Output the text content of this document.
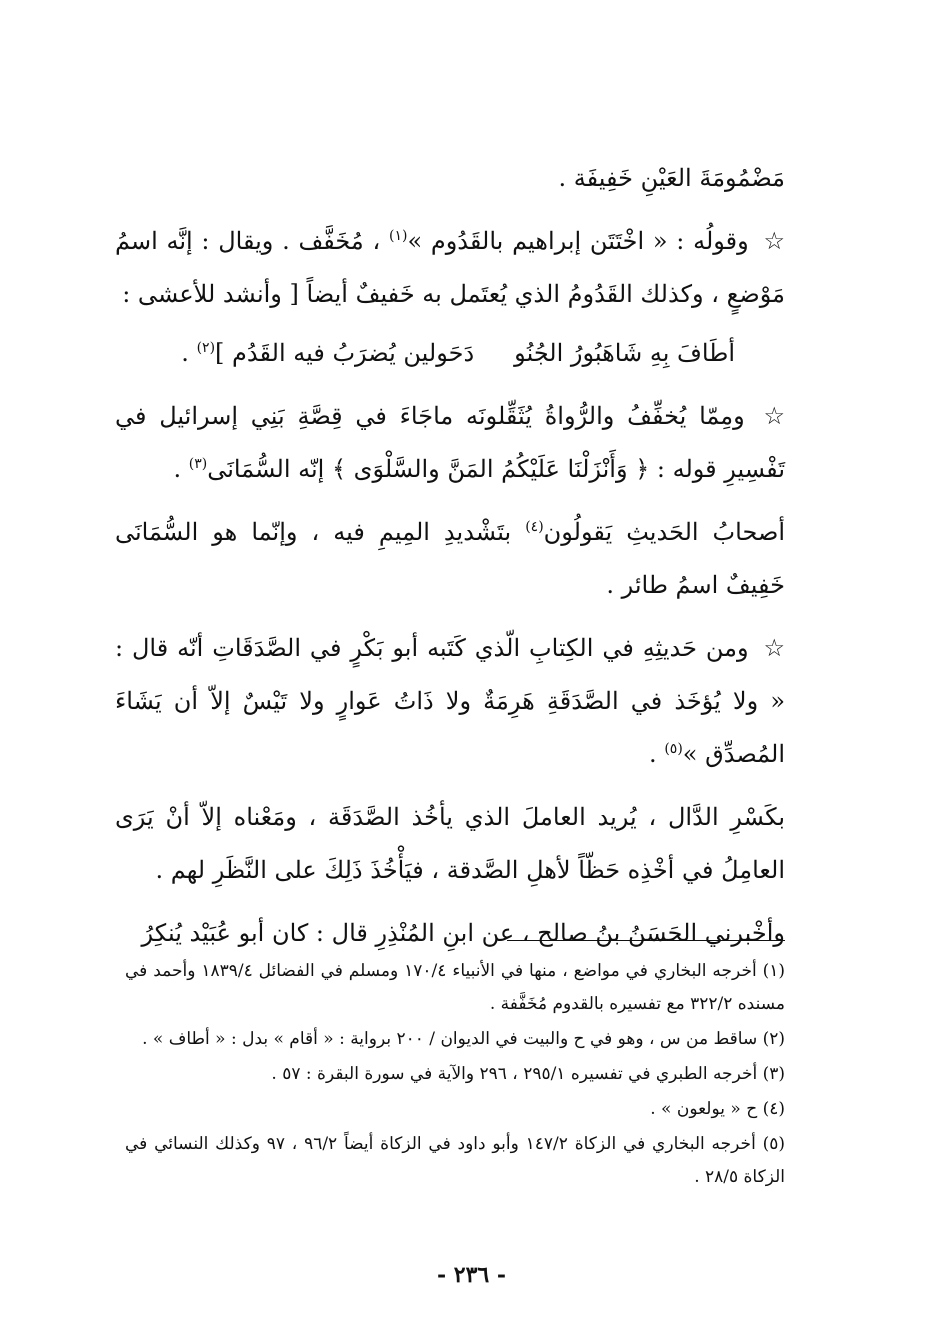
مَضْمُومَةَ العَيْنِ خَفِيفَة .

☆ وقولُه : « اخْتَتَن إبراهيم بالقَدُوم »$^{(١)}$ ، مُخَفَّف . ويقال : إنَّه اسمُ مَوْضعٍ ، وكذلك القَدُومُ الذي يُعتَمل به خَفيفٌ أيضاً [ وأنشد للأعشى :

أطَافَ بِهِ شَاهَبُورُ الجُنُو
دَحَولين يُضرَبُ فيه القَدُم ]$^{(٢)}$ .

☆ ومِمّا يُخفِّفُ والرُّواةُ يُثَقِّلونَه ماجَاءَ في قِصَّةِ بَنِي إسرائيل في تَفْسِيرِ قوله : ﴿ وَأَنْزَلْنَا عَلَيْكُمُ المَنَّ والسَّلْوَى ﴾ إنّه السُّمَانَى$^{(٣)}$ .

أصحابُ الحَديثِ يَقولُون$^{(٤)}$ بتَشْديدِ المِيمِ فيه ، وإنّما هو السُّمَانَى خَفِيفٌ اسمُ طائر .

☆ ومن حَديثِهِ في الكِتابِ الّذي كَتَبه أبو بَكْرٍ في الصَّدَقَاتِ أنّه قال : « ولا يُؤخَذ في الصَّدَقَةِ هَرِمَةٌ ولا ذَاتُ عَوارٍ ولا تَيْسٌ إلاّ أن يَشَاءَ المُصدِّق »$^{(٥)}$ .

بكَسْرِ الدَّال ، يُريد العاملَ الذي يأخُذ الصَّدَقَة ، ومَعْناه إلاّ أنْ يَرَى العامِلُ في أخْذِه حَظّاً لأهلِ الصَّدقة ، فيَأْخُذَ ذَلِكَ على النَّظَرِ لهم .

وأخْبرني الحَسَنُ بنُ صالح ، عن ابنِ المُنْذِرِ قال : كان أبو عُبَيْد يُنكِرُ

(١) أخرجه البخاري في مواضع ، منها في الأنبياء ١٧٠/٤ ومسلم في الفضائل ١٨٣٩/٤ وأحمد في مسنده ٣٢٢/٢ مع تفسيره بالقدوم مُخَفَّفة .

(٢) ساقط من س ، وهو في ح والبيت في الديوان / ٢٠٠ برواية : « أقام » بدل : « أطاف » .

(٣) أخرجه الطبري في تفسيره ٢٩٥/١ ، ٢٩٦ والآية في سورة البقرة : ٥٧ .

(٤) ح « يولعون » .

(٥) أخرجه البخاري في الزكاة ١٤٧/٢ وأبو داود في الزكاة أيضاً ٩٦/٢ ، ٩٧ وكذلك النسائي في الزكاة ٢٨/٥ .

- ٢٣٦ -
